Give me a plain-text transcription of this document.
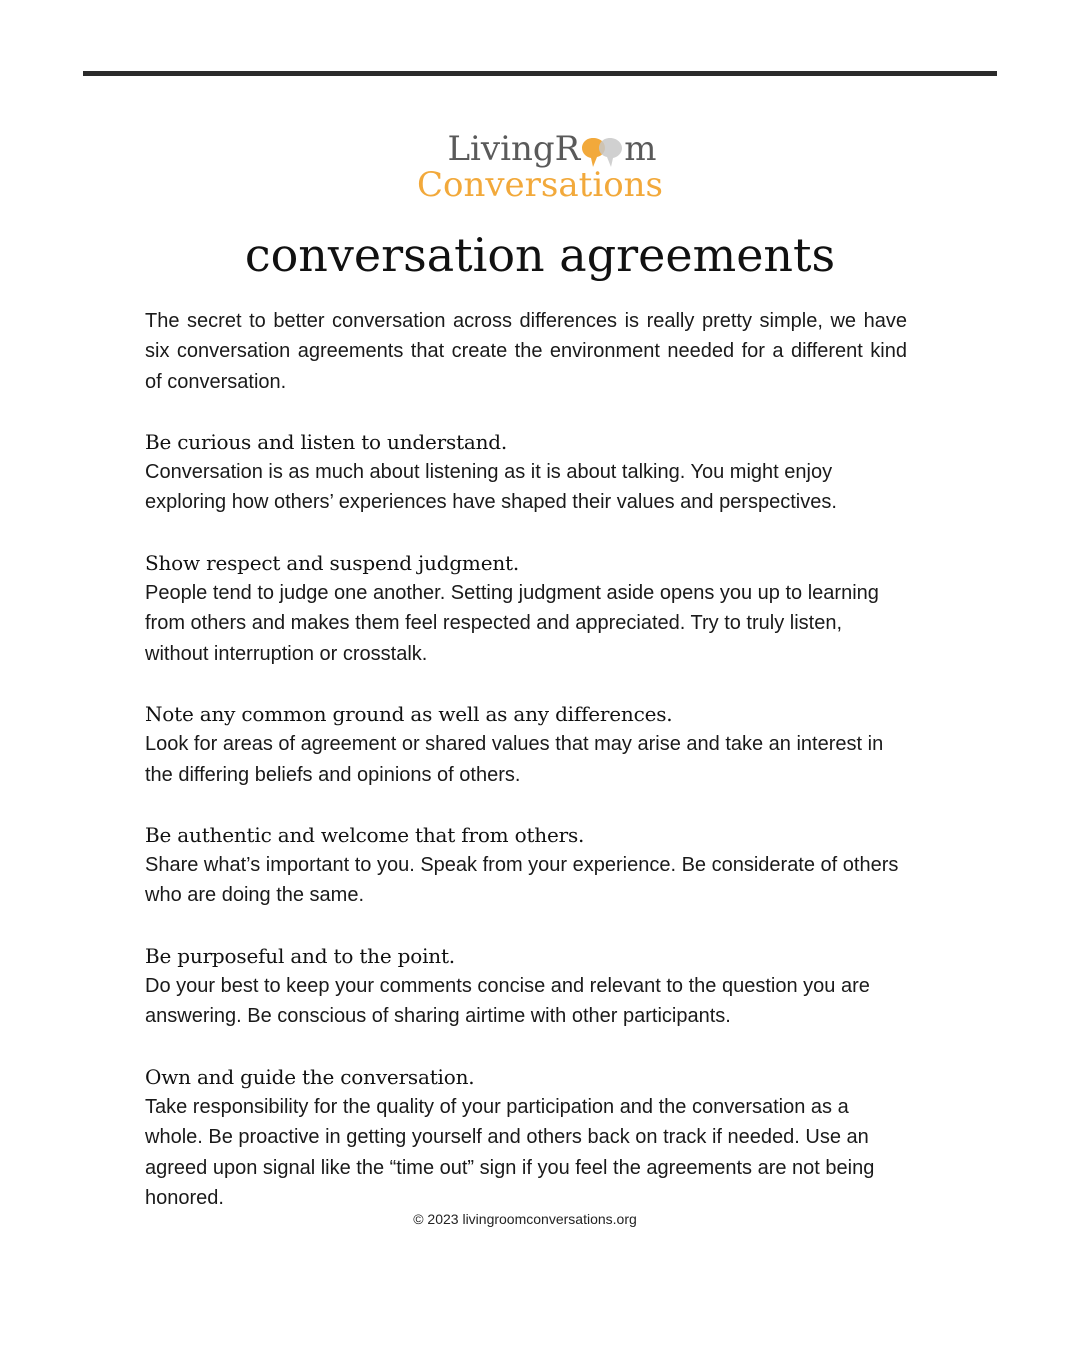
LivingR m
Conversations
conversation agreements

The secret to better conversation across differences is really pretty simple, we have six conversation agreements that create the environment needed for a different kind of conversation.

Be curious and listen to understand.

Conversation is as much about listening as it is about talking. You might enjoy exploring how others’ experiences have shaped their values and perspectives.

Show respect and suspend judgment.

People tend to judge one another. Setting judgment aside opens you up to learning from others and makes them feel respected and appreciated. Try to truly listen, without interruption or crosstalk.

Note any common ground as well as any differences.

Look for areas of agreement or shared values that may arise and take an interest in the differing beliefs and opinions of others.

Be authentic and welcome that from others.

Share what’s important to you. Speak from your experience. Be considerate of others who are doing the same.

Be purposeful and to the point.

Do your best to keep your comments concise and relevant to the question you are answering. Be conscious of sharing airtime with other participants.

Own and guide the conversation.

Take responsibility for the quality of your participation and the conversation as a whole. Be proactive in getting yourself and others back on track if needed. Use an agreed upon signal like the “time out” sign if you feel the agreements are not being honored.

© 2023 livingroomconversations.org
